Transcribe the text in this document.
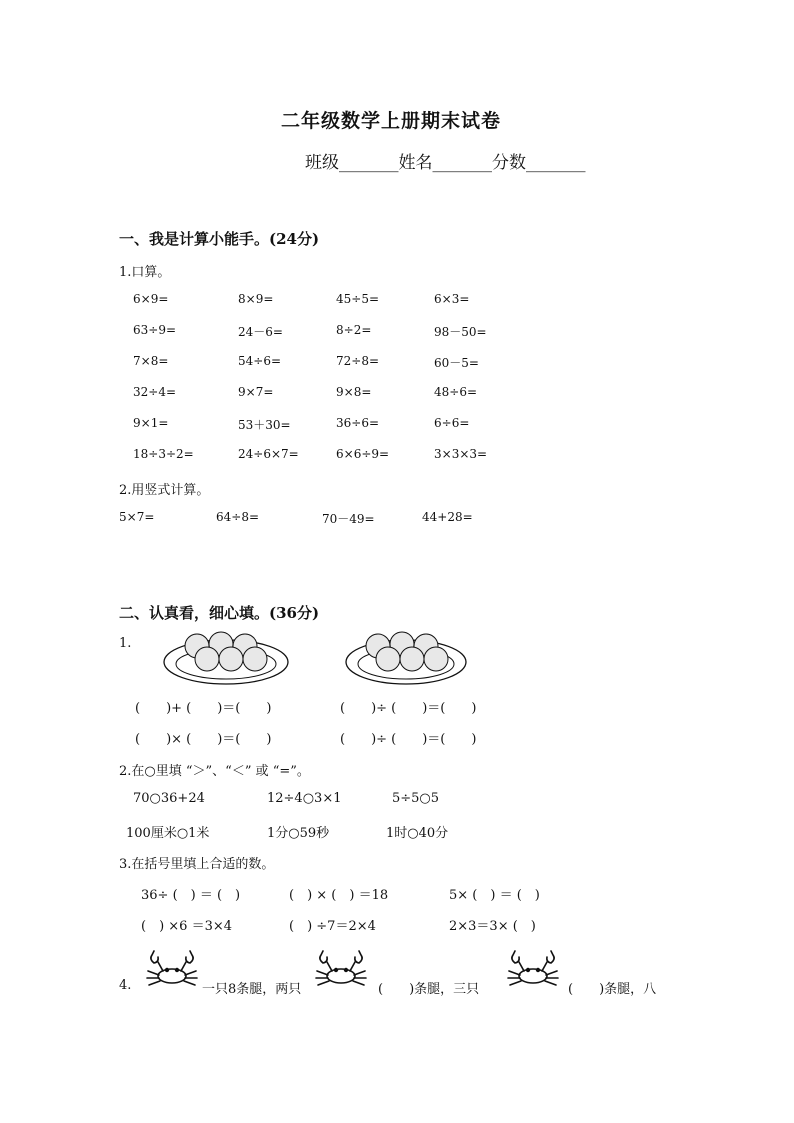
二年级数学上册期末试卷
班级_______姓名_______分数_______
一、我是计算小能手。(24分)
1.口算。
6×9=	8×9=	45÷5=	6×3=
63÷9=	24－6=	8÷2=	98－50=
7×8=	54÷6=	72÷8=	60－5=
32÷4=	9×7=	9×8=	48÷6=
9×1=	53＋30=	36÷6=	6÷6=
18÷3÷2=	24÷6×7=	6×6÷9=	3×3×3=
2.用竖式计算。
5×7=	64÷8=	70－49=	44+28=
二、认真看，细心填。(36分)
1.
(　　)+ (　　)＝(　　)	(　　)÷ (　　)＝(　　)
(　　)× (　　)＝(　　)	(　　)÷ (　　)＝(　　)
2.在○里填 “＞”、“＜” 或 “=”。
70○36+24	12÷4○3×1	5÷5○5
100厘米○1米	1分○59秒	1时○40分
3.在括号里填上合适的数。
36÷ (　) ＝ (　)	(　) × (　) ＝18	5× (　) ＝ (　)
(　) ×6 ＝3×4	(　) ÷7＝2×4	2×3＝3× (　)
4.	一只8条腿，两只	(　　)条腿，三只	(　　)条腿，八
